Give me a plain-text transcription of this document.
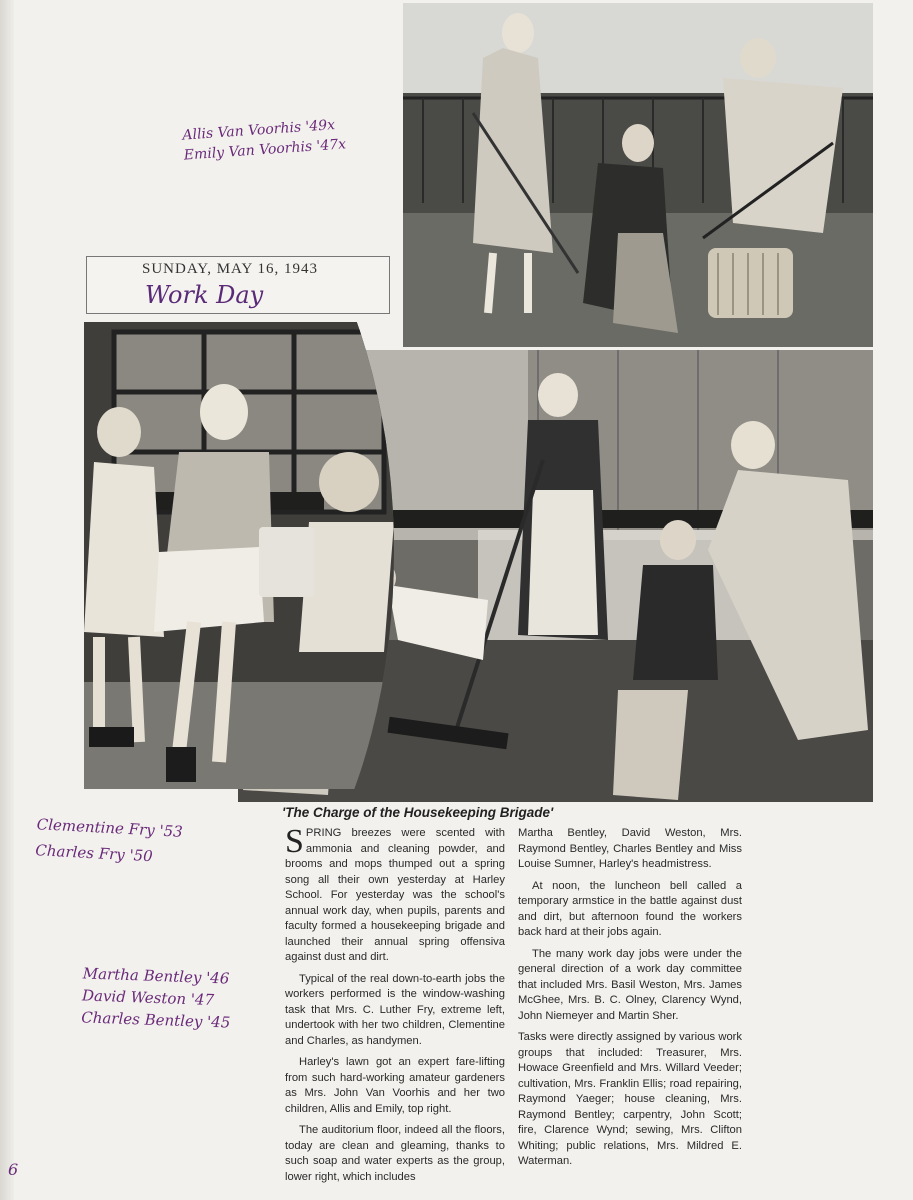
SUNDAY, MAY 16, 1943
Work Day
Allis Van Voorhis '49x
Emily Van Voorhis '47x
Clementine Fry '53
Charles Fry '50
Martha Bentley '46
David Weston '47
Charles Bentley '45
'The Charge of the Housekeeping Brigade'

SPRING breezes were scented with ammonia and cleaning powder, and brooms and mops thumped out a spring song all their own yesterday at Harley School. For yesterday was the school's annual work day, when pupils, parents and faculty formed a housekeeping brigade and launched their annual spring offensiva against dust and dirt.

Typical of the real down-to-earth jobs the workers performed is the window-washing task that Mrs. C. Luther Fry, extreme left, undertook with her two children, Clementine and Charles, as handymen.

Harley's lawn got an expert fare-lifting from such hard-working amateur gardeners as Mrs. John Van Voorhis and her two children, Allis and Emily, top right.

The auditorium floor, indeed all the floors, today are clean and gleaming, thanks to such soap and water experts as the group, lower right, which includes

Martha Bentley, David Weston, Mrs. Raymond Bentley, Charles Bentley and Miss Louise Sumner, Harley's headmistress.

At noon, the luncheon bell called a temporary armstice in the battle against dust and dirt, but afternoon found the workers back hard at their jobs again.

The many work day jobs were under the general direction of a work day committee that included Mrs. Basil Weston, Mrs. James McGhee, Mrs. B. C. Olney, Clarency Wynd, John Niemeyer and Martin Sher.

Tasks were directly assigned by various work groups that included: Treasurer, Mrs. Howace Greenfield and Mrs. Willard Veeder; cultivation, Mrs. Franklin Ellis; road repairing, Raymond Yaeger; house cleaning, Mrs. Raymond Bentley; carpentry, John Scott; fire, Clarence Wynd; sewing, Mrs. Clifton Whiting; public relations, Mrs. Mildred E. Waterman.

6
